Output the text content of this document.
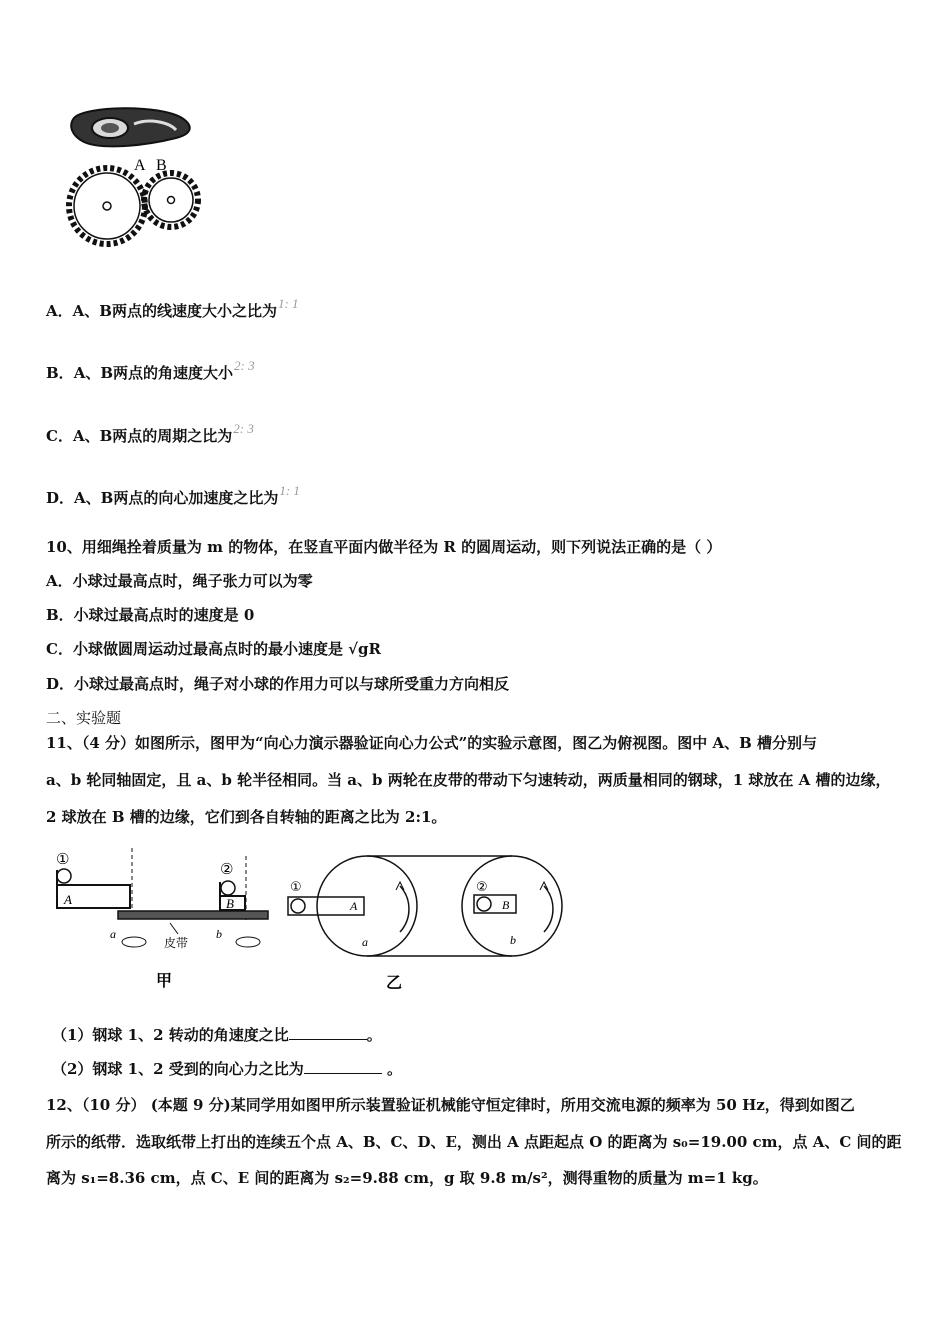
A B
A．A、B两点的线速度大小之比为1: 1
B．A、B两点的角速度大小2: 3
C．A、B两点的周期之比为2: 3
D．A、B两点的向心加速度之比为1: 1
10、用细绳拴着质量为 m 的物体，在竖直平面内做半径为 R 的圆周运动，则下列说法正确的是（ ）
A．小球过最高点时，绳子张力可以为零
B．小球过最高点时的速度是 0
C．小球做圆周运动过最高点时的最小速度是 √gR
D．小球过最高点时，绳子对小球的作用力可以与球所受重力方向相反
二、实验题
11、（4 分）如图所示，图甲为“向心力演示器验证向心力公式”的实验示意图，图乙为俯视图。图中 A、B 槽分别与
a、b 轮同轴固定，且 a、b 轮半径相同。当 a、b 两轮在皮带的带动下匀速转动，两质量相同的钢球，1 球放在 A 槽的边缘，
2 球放在 B 槽的边缘，它们到各自转轴的距离之比为 2:1。
①
A
②
B
a
皮带
b
甲
①
A
②
B
a	b
乙
（1）钢球 1、2 转动的角速度之比	。
（2）钢球 1、2 受到的向心力之比为	。
12、（10 分） (本题 9 分)某同学用如图甲所示装置验证机械能守恒定律时，所用交流电源的频率为 50 Hz，得到如图乙
所示的纸带．选取纸带上打出的连续五个点 A、B、C、D、E，测出 A 点距起点 O 的距离为 s₀=19.00 cm，点 A、C 间的距
离为 s₁=8.36 cm，点 C、E 间的距离为 s₂=9.88 cm，g 取 9.8 m/s²，测得重物的质量为 m=1 kg。
